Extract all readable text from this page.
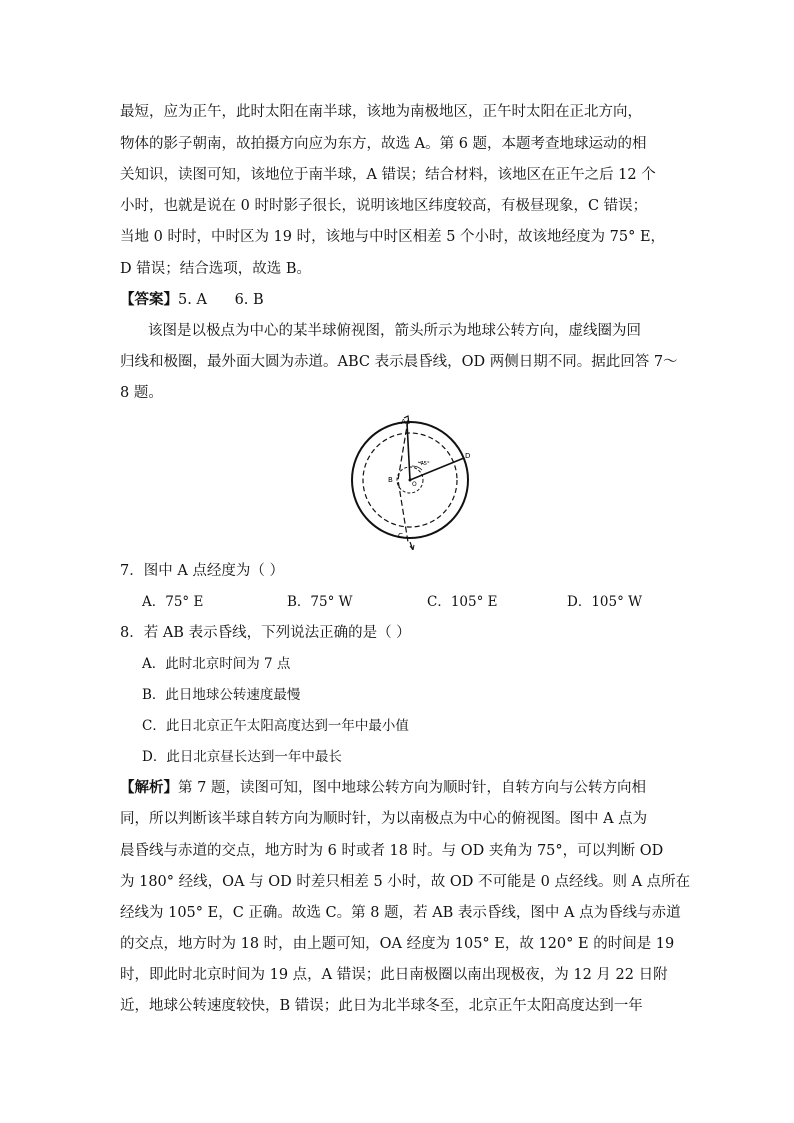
最短，应为正午，此时太阳在南半球，该地为南极地区，正午时太阳在正北方向，
物体的影子朝南，故拍摄方向应为东方，故选 A。第 6 题，本题考查地球运动的相
关知识，读图可知，该地位于南半球，A 错误；结合材料，该地区在正午之后 12 个
小时，也就是说在 0 时时影子很长，说明该地区纬度较高，有极昼现象，C 错误；
当地 0 时时，中时区为 19 时，该地与中时区相差 5 个小时，故该地经度为 75° E，
D 错误；结合选项，故选 B。
【答案】5. A      6. B
该图是以极点为中心的某半球俯视图，箭头所示为地球公转方向，虚线圈为回
归线和极圈，最外面大圆为赤道。ABC 表示晨昏线，OD 两侧日期不同。据此回答 7～
8 题。
A
B
C
D
O
75°
7．图中 A 点经度为（ ）
A．75° E	B．75° W	C．105° E	D．105° W
8．若 AB 表示昏线，下列说法正确的是（ ）
A．此时北京时间为 7 点
B．此日地球公转速度最慢
C．此日北京正午太阳高度达到一年中最小值
D．此日北京昼长达到一年中最长
【解析】第 7 题，读图可知，图中地球公转方向为顺时针，自转方向与公转方向相
同，所以判断该半球自转方向为顺时针，为以南极点为中心的俯视图。图中 A 点为
晨昏线与赤道的交点，地方时为 6 时或者 18 时。与 OD 夹角为 75°，可以判断 OD
为 180° 经线，OA 与 OD 时差只相差 5 小时，故 OD 不可能是 0 点经线。则 A 点所在
经线为 105° E，C 正确。故选 C。第 8 题，若 AB 表示昏线，图中 A 点为昏线与赤道
的交点，地方时为 18 时，由上题可知，OA 经度为 105° E，故 120° E 的时间是 19
时，即此时北京时间为 19 点，A 错误；此日南极圈以南出现极夜，为 12 月 22 日附
近，地球公转速度较快，B 错误；此日为北半球冬至，北京正午太阳高度达到一年
